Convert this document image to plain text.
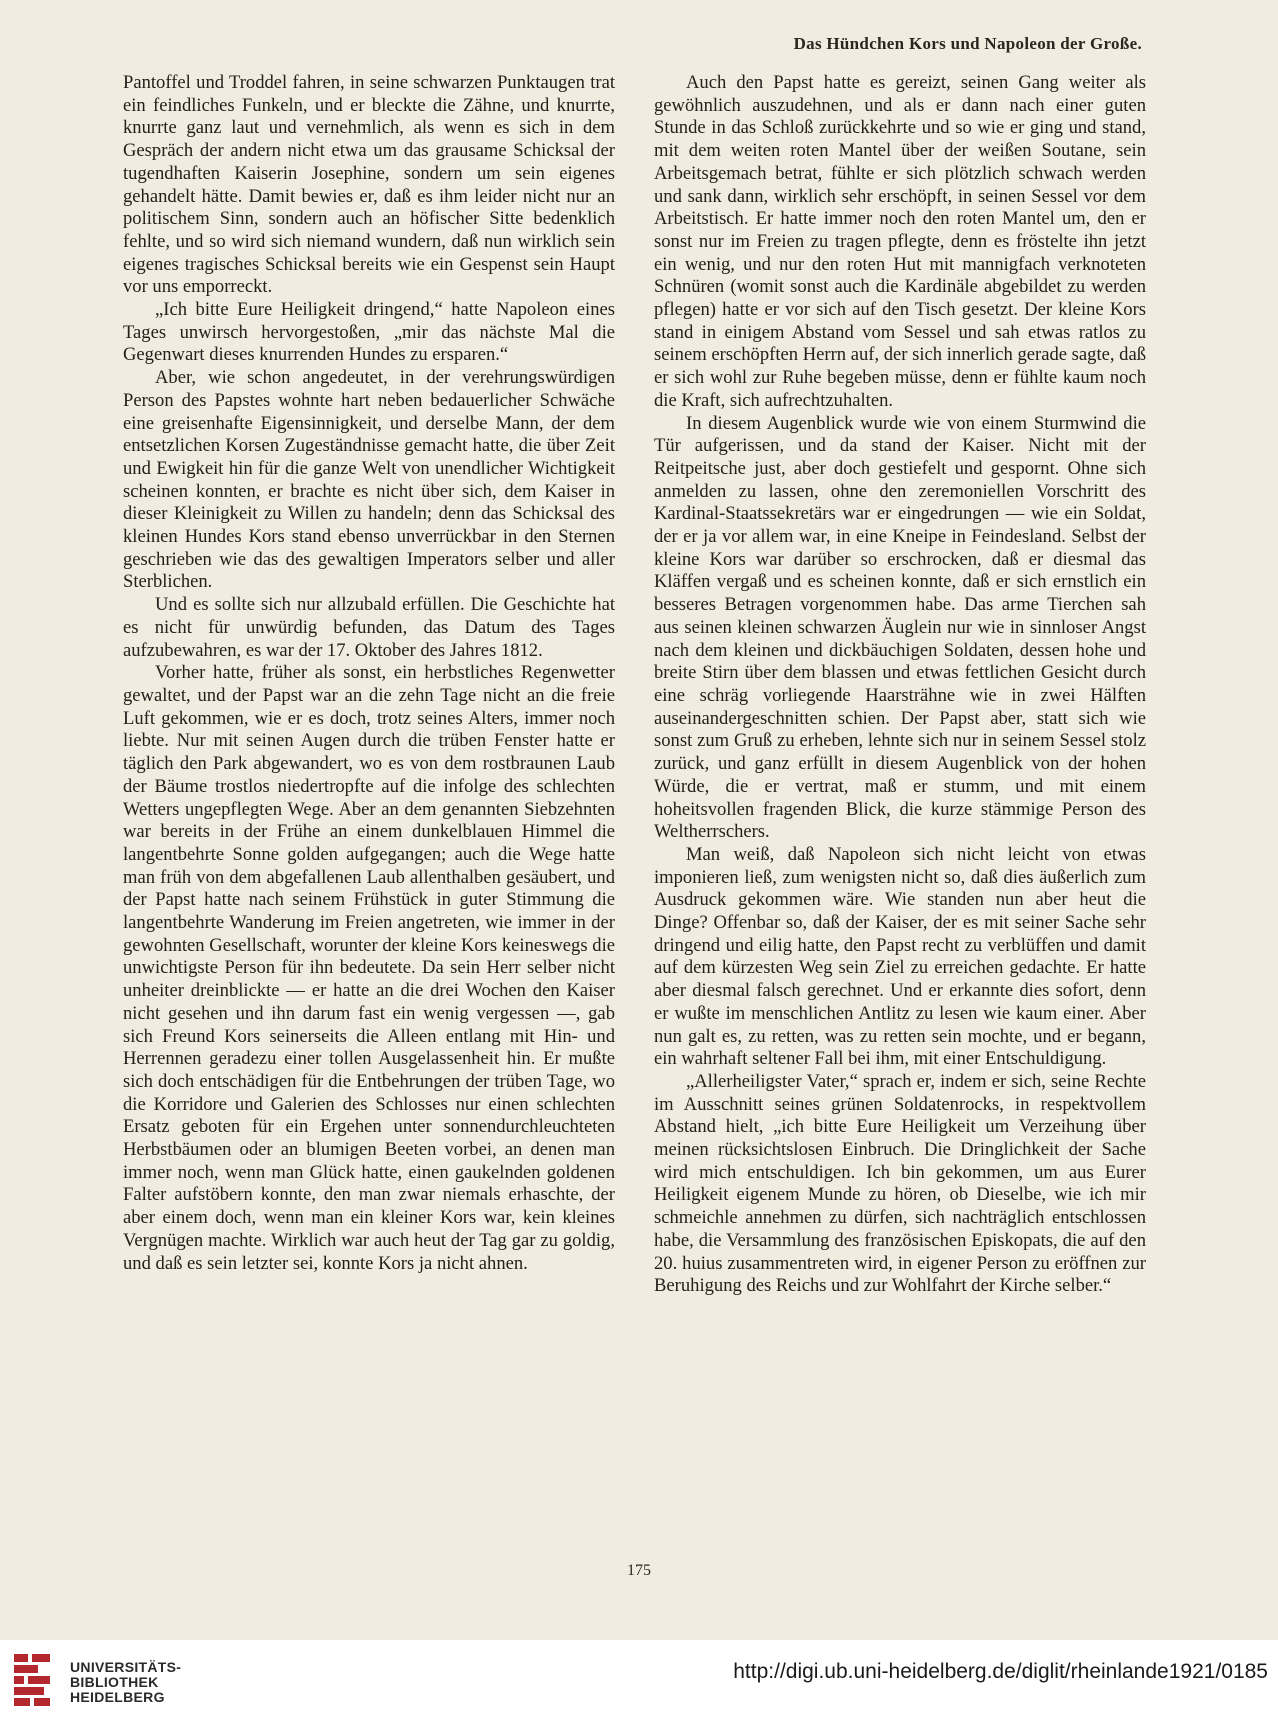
Das Hündchen Kors und Napoleon der Große.

Pantoffel und Troddel fahren, in seine schwarzen Punktaugen trat ein feindliches Funkeln, und er bleckte die Zähne, und knurrte, knurrte ganz laut und vernehmlich, als wenn es sich in dem Gespräch der andern nicht etwa um das grausame Schicksal der tugendhaften Kaiserin Josephine, sondern um sein eigenes gehandelt hätte. Damit bewies er, daß es ihm leider nicht nur an politischem Sinn, sondern auch an höfischer Sitte bedenklich fehlte, und so wird sich niemand wundern, daß nun wirklich sein eigenes tragisches Schicksal bereits wie ein Gespenst sein Haupt vor uns emporreckt.

„Ich bitte Eure Heiligkeit dringend,“ hatte Napoleon eines Tages unwirsch hervorgestoßen, „mir das nächste Mal die Gegenwart dieses knurrenden Hundes zu ersparen.“

Aber, wie schon angedeutet, in der verehrungswürdigen Person des Papstes wohnte hart neben bedauerlicher Schwäche eine greisenhafte Eigensinnigkeit, und derselbe Mann, der dem entsetzlichen Korsen Zugeständnisse gemacht hatte, die über Zeit und Ewigkeit hin für die ganze Welt von unendlicher Wichtigkeit scheinen konnten, er brachte es nicht über sich, dem Kaiser in dieser Kleinigkeit zu Willen zu handeln; denn das Schicksal des kleinen Hundes Kors stand ebenso unverrückbar in den Sternen geschrieben wie das des gewaltigen Imperators selber und aller Sterblichen.

Und es sollte sich nur allzubald erfüllen. Die Geschichte hat es nicht für unwürdig befunden, das Datum des Tages aufzubewahren, es war der 17. Oktober des Jahres 1812.

Vorher hatte, früher als sonst, ein herbstliches Regenwetter gewaltet, und der Papst war an die zehn Tage nicht an die freie Luft gekommen, wie er es doch, trotz seines Alters, immer noch liebte. Nur mit seinen Augen durch die trüben Fenster hatte er täglich den Park abgewandert, wo es von dem rostbraunen Laub der Bäume trostlos niedertropfte auf die infolge des schlechten Wetters ungepflegten Wege. Aber an dem genannten Siebzehnten war bereits in der Frühe an einem dunkelblauen Himmel die langentbehrte Sonne golden aufgegangen; auch die Wege hatte man früh von dem abgefallenen Laub allenthalben gesäubert, und der Papst hatte nach seinem Frühstück in guter Stimmung die langentbehrte Wanderung im Freien angetreten, wie immer in der gewohnten Gesellschaft, worunter der kleine Kors keineswegs die unwichtigste Person für ihn bedeutete. Da sein Herr selber nicht unheiter dreinblickte — er hatte an die drei Wochen den Kaiser nicht gesehen und ihn darum fast ein wenig vergessen —, gab sich Freund Kors seinerseits die Alleen entlang mit Hin- und Herrennen geradezu einer tollen Ausgelassenheit hin. Er mußte sich doch entschädigen für die Entbehrungen der trüben Tage, wo die Korridore und Galerien des Schlosses nur einen schlechten Ersatz geboten für ein Ergehen unter sonnendurchleuchteten Herbstbäumen oder an blumigen Beeten vorbei, an denen man immer noch, wenn man Glück hatte, einen gaukelnden goldenen Falter aufstöbern konnte, den man zwar niemals erhaschte, der aber einem doch, wenn man ein kleiner Kors war, kein kleines Vergnügen machte. Wirklich war auch heut der Tag gar zu goldig, und daß es sein letzter sei, konnte Kors ja nicht ahnen.

Auch den Papst hatte es gereizt, seinen Gang weiter als gewöhnlich auszudehnen, und als er dann nach einer guten Stunde in das Schloß zurückkehrte und so wie er ging und stand, mit dem weiten roten Mantel über der weißen Soutane, sein Arbeitsgemach betrat, fühlte er sich plötzlich schwach werden und sank dann, wirklich sehr erschöpft, in seinen Sessel vor dem Arbeitstisch. Er hatte immer noch den roten Mantel um, den er sonst nur im Freien zu tragen pflegte, denn es fröstelte ihn jetzt ein wenig, und nur den roten Hut mit mannigfach verknoteten Schnüren (womit sonst auch die Kardinäle abgebildet zu werden pflegen) hatte er vor sich auf den Tisch gesetzt. Der kleine Kors stand in einigem Abstand vom Sessel und sah etwas ratlos zu seinem erschöpften Herrn auf, der sich innerlich gerade sagte, daß er sich wohl zur Ruhe begeben müsse, denn er fühlte kaum noch die Kraft, sich aufrechtzuhalten.

In diesem Augenblick wurde wie von einem Sturmwind die Tür aufgerissen, und da stand der Kaiser. Nicht mit der Reitpeitsche just, aber doch gestiefelt und gespornt. Ohne sich anmelden zu lassen, ohne den zeremoniellen Vorschritt des Kardinal-Staatssekretärs war er eingedrungen — wie ein Soldat, der er ja vor allem war, in eine Kneipe in Feindesland. Selbst der kleine Kors war darüber so erschrocken, daß er diesmal das Kläffen vergaß und es scheinen konnte, daß er sich ernstlich ein besseres Betragen vorgenommen habe. Das arme Tierchen sah aus seinen kleinen schwarzen Äuglein nur wie in sinnloser Angst nach dem kleinen und dickbäuchigen Soldaten, dessen hohe und breite Stirn über dem blassen und etwas fettlichen Gesicht durch eine schräg vorliegende Haarsträhne wie in zwei Hälften auseinandergeschnitten schien. Der Papst aber, statt sich wie sonst zum Gruß zu erheben, lehnte sich nur in seinem Sessel stolz zurück, und ganz erfüllt in diesem Augenblick von der hohen Würde, die er vertrat, maß er stumm, und mit einem hoheitsvollen fragenden Blick, die kurze stämmige Person des Weltherrschers.

Man weiß, daß Napoleon sich nicht leicht von etwas imponieren ließ, zum wenigsten nicht so, daß dies äußerlich zum Ausdruck gekommen wäre. Wie standen nun aber heut die Dinge? Offenbar so, daß der Kaiser, der es mit seiner Sache sehr dringend und eilig hatte, den Papst recht zu verblüffen und damit auf dem kürzesten Weg sein Ziel zu erreichen gedachte. Er hatte aber diesmal falsch gerechnet. Und er erkannte dies sofort, denn er wußte im menschlichen Antlitz zu lesen wie kaum einer. Aber nun galt es, zu retten, was zu retten sein mochte, und er begann, ein wahrhaft seltener Fall bei ihm, mit einer Entschuldigung.

„Allerheiligster Vater,“ sprach er, indem er sich, seine Rechte im Ausschnitt seines grünen Soldatenrocks, in respektvollem Abstand hielt, „ich bitte Eure Heiligkeit um Verzeihung über meinen rücksichtslosen Einbruch. Die Dringlichkeit der Sache wird mich entschuldigen. Ich bin gekommen, um aus Eurer Heiligkeit eigenem Munde zu hören, ob Dieselbe, wie ich mir schmeichle annehmen zu dürfen, sich nachträglich entschlossen habe, die Versammlung des französischen Episkopats, die auf den 20. huius zusammentreten wird, in eigener Person zu eröffnen zur Beruhigung des Reichs und zur Wohlfahrt der Kirche selber.“

175
UNIVERSITÄTS-
BIBLIOTHEK
HEIDELBERG
http://digi.ub.uni-heidelberg.de/diglit/rheinlande1921/0185
